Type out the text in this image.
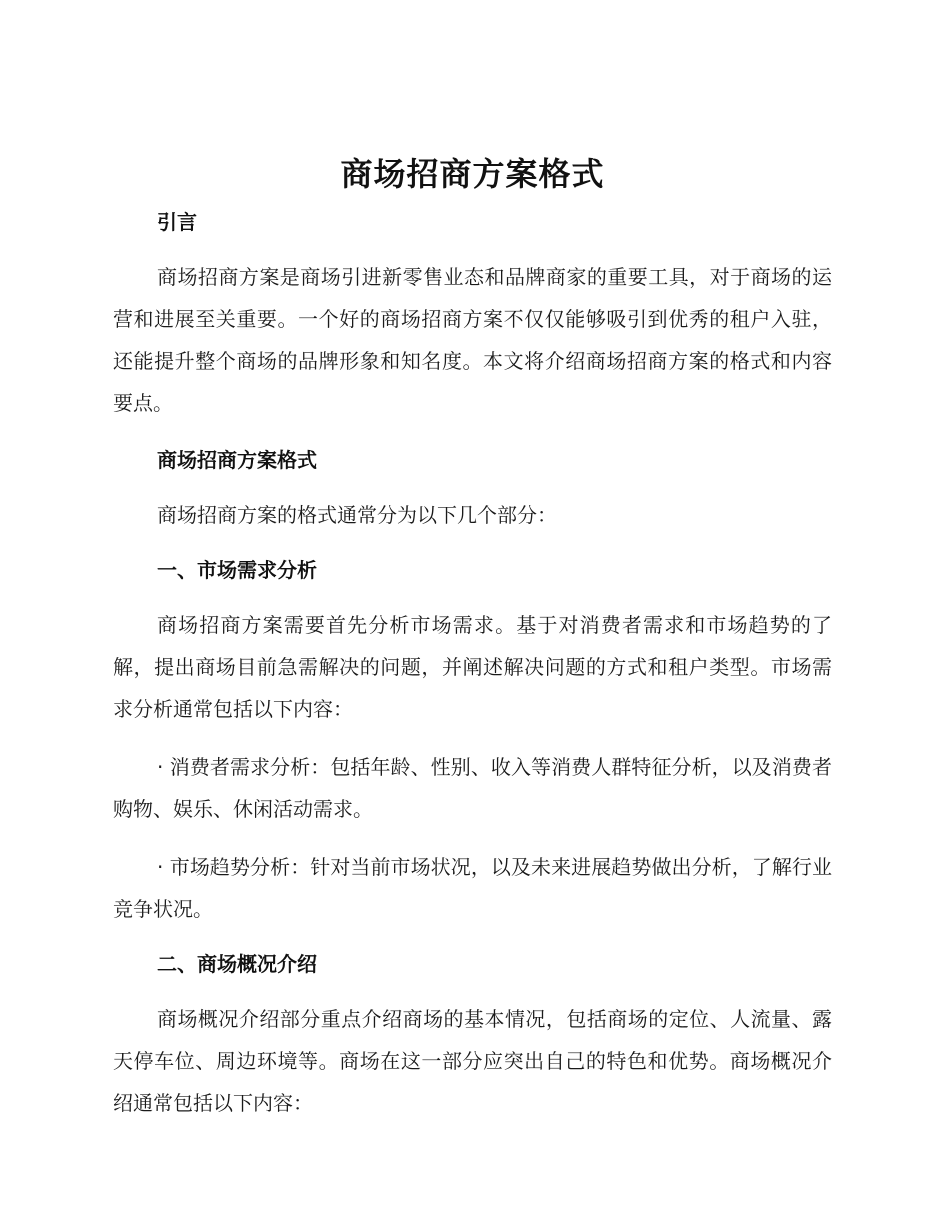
商场招商方案格式
引言

商场招商方案是商场引进新零售业态和品牌商家的重要工具，对于商场的运营和进展至关重要。一个好的商场招商方案不仅仅能够吸引到优秀的租户入驻，还能提升整个商场的品牌形象和知名度。本文将介绍商场招商方案的格式和内容要点。

商场招商方案格式

商场招商方案的格式通常分为以下几个部分：

一、市场需求分析

商场招商方案需要首先分析市场需求。基于对消费者需求和市场趋势的了解，提出商场目前急需解决的问题，并阐述解决问题的方式和租户类型。市场需求分析通常包括以下内容：

· 消费者需求分析：包括年龄、性别、收入等消费人群特征分析，以及消费者购物、娱乐、休闲活动需求。

· 市场趋势分析：针对当前市场状况，以及未来进展趋势做出分析，了解行业竞争状况。

二、商场概况介绍

商场概况介绍部分重点介绍商场的基本情况，包括商场的定位、人流量、露天停车位、周边环境等。商场在这一部分应突出自己的特色和优势。商场概况介绍通常包括以下内容：
